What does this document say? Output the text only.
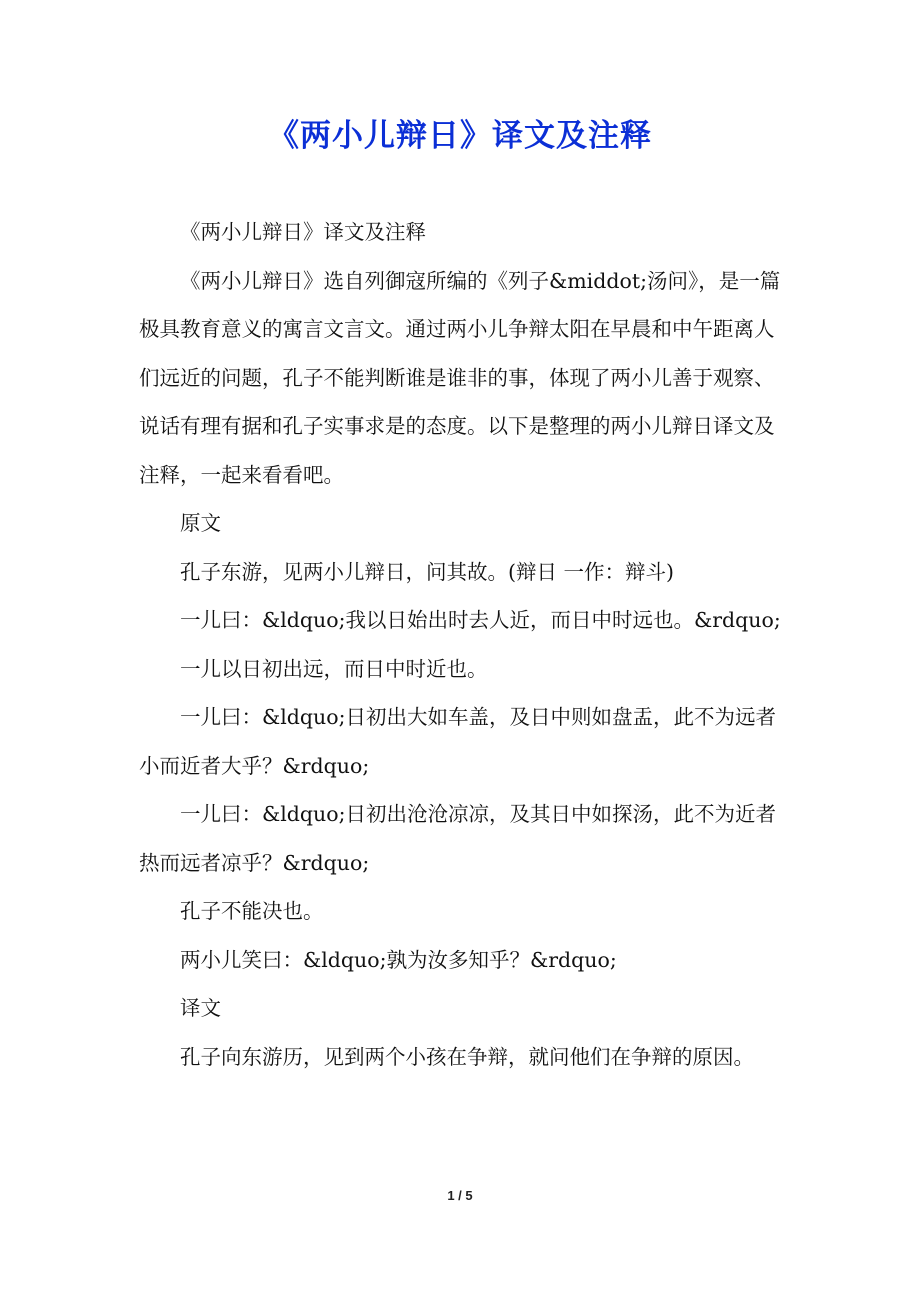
《两小儿辩日》译文及注释

《两小儿辩日》译文及注释

《两小儿辩日》选自列御寇所编的《列子&middot;汤问》，是一篇极具教育意义的寓言文言文。通过两小儿争辩太阳在早晨和中午距离人们远近的问题，孔子不能判断谁是谁非的事，体现了两小儿善于观察、说话有理有据和孔子实事求是的态度。以下是整理的两小儿辩日译文及注释，一起来看看吧。

原文

孔子东游，见两小儿辩日，问其故。(辩日 一作：辩斗)

一儿曰：&ldquo;我以日始出时去人近，而日中时远也。&rdquo;

一儿以日初出远，而日中时近也。

一儿曰：&ldquo;日初出大如车盖，及日中则如盘盂，此不为远者小而近者大乎？&rdquo;

一儿曰：&ldquo;日初出沧沧凉凉，及其日中如探汤，此不为近者热而远者凉乎？&rdquo;

孔子不能决也。

两小儿笑曰：&ldquo;孰为汝多知乎？&rdquo;

译文

孔子向东游历，见到两个小孩在争辩，就问他们在争辩的原因。

1 / 5
